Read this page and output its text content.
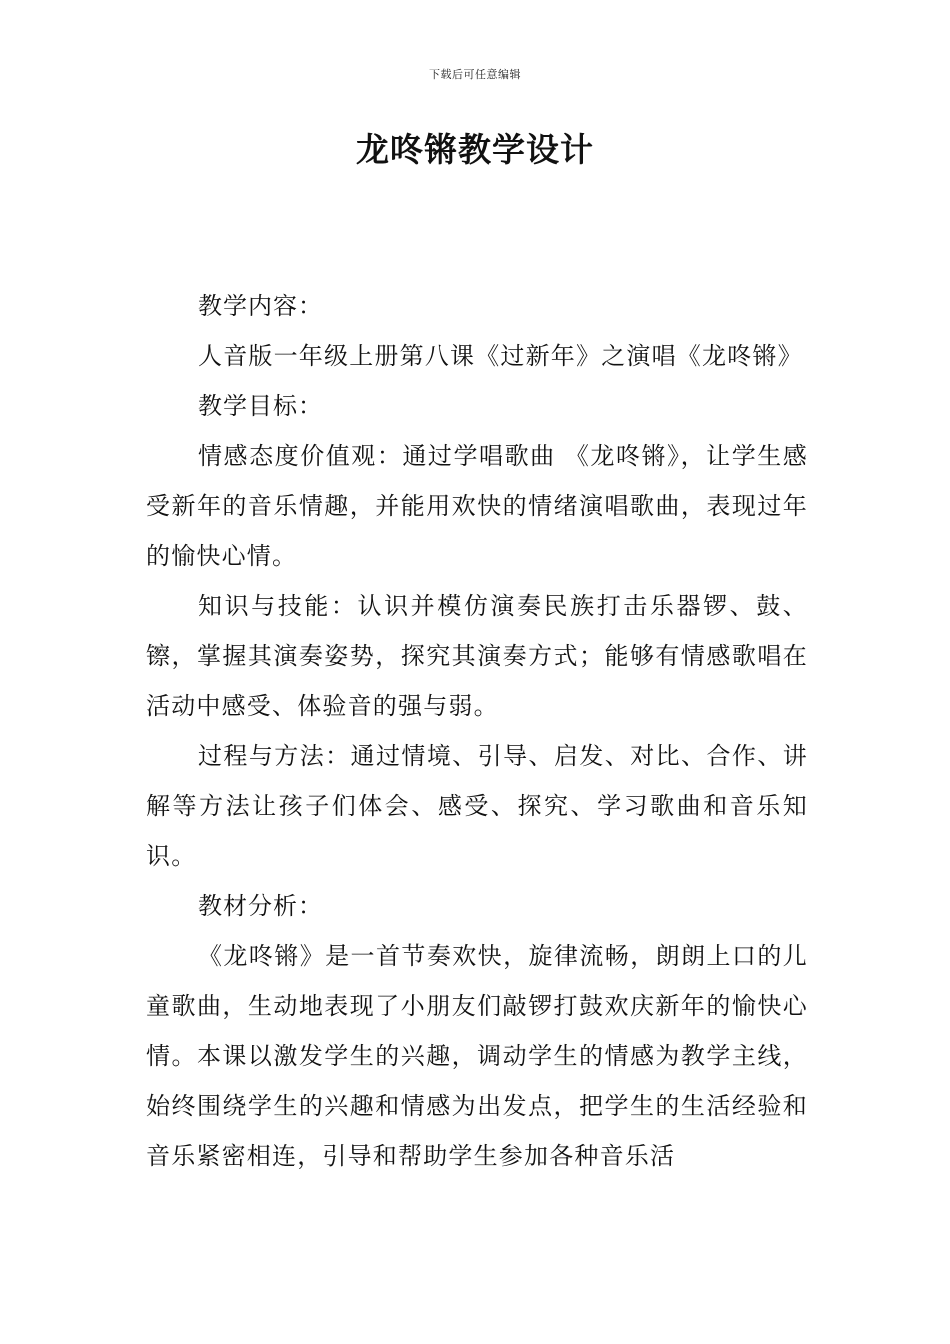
下载后可任意编辑
龙咚锵教学设计

教学内容：

人音版一年级上册第八课《过新年》之演唱《龙咚锵》

教学目标：

情感态度价值观：通过学唱歌曲 《龙咚锵》，让学生感受新年的音乐情趣，并能用欢快的情绪演唱歌曲，表现过年的愉快心情。

知识与技能：认识并模仿演奏民族打击乐器锣、鼓、镲，掌握其演奏姿势，探究其演奏方式；能够有情感歌唱在活动中感受、体验音的强与弱。

过程与方法：通过情境、引导、启发、对比、合作、讲解等方法让孩子们体会、感受、探究、学习歌曲和音乐知识。

教材分析：

《龙咚锵》是一首节奏欢快，旋律流畅，朗朗上口的儿童歌曲，生动地表现了小朋友们敲锣打鼓欢庆新年的愉快心情。本课以激发学生的兴趣，调动学生的情感为教学主线，始终围绕学生的兴趣和情感为出发点，把学生的生活经验和音乐紧密相连，引导和帮助学生参加各种音乐活
